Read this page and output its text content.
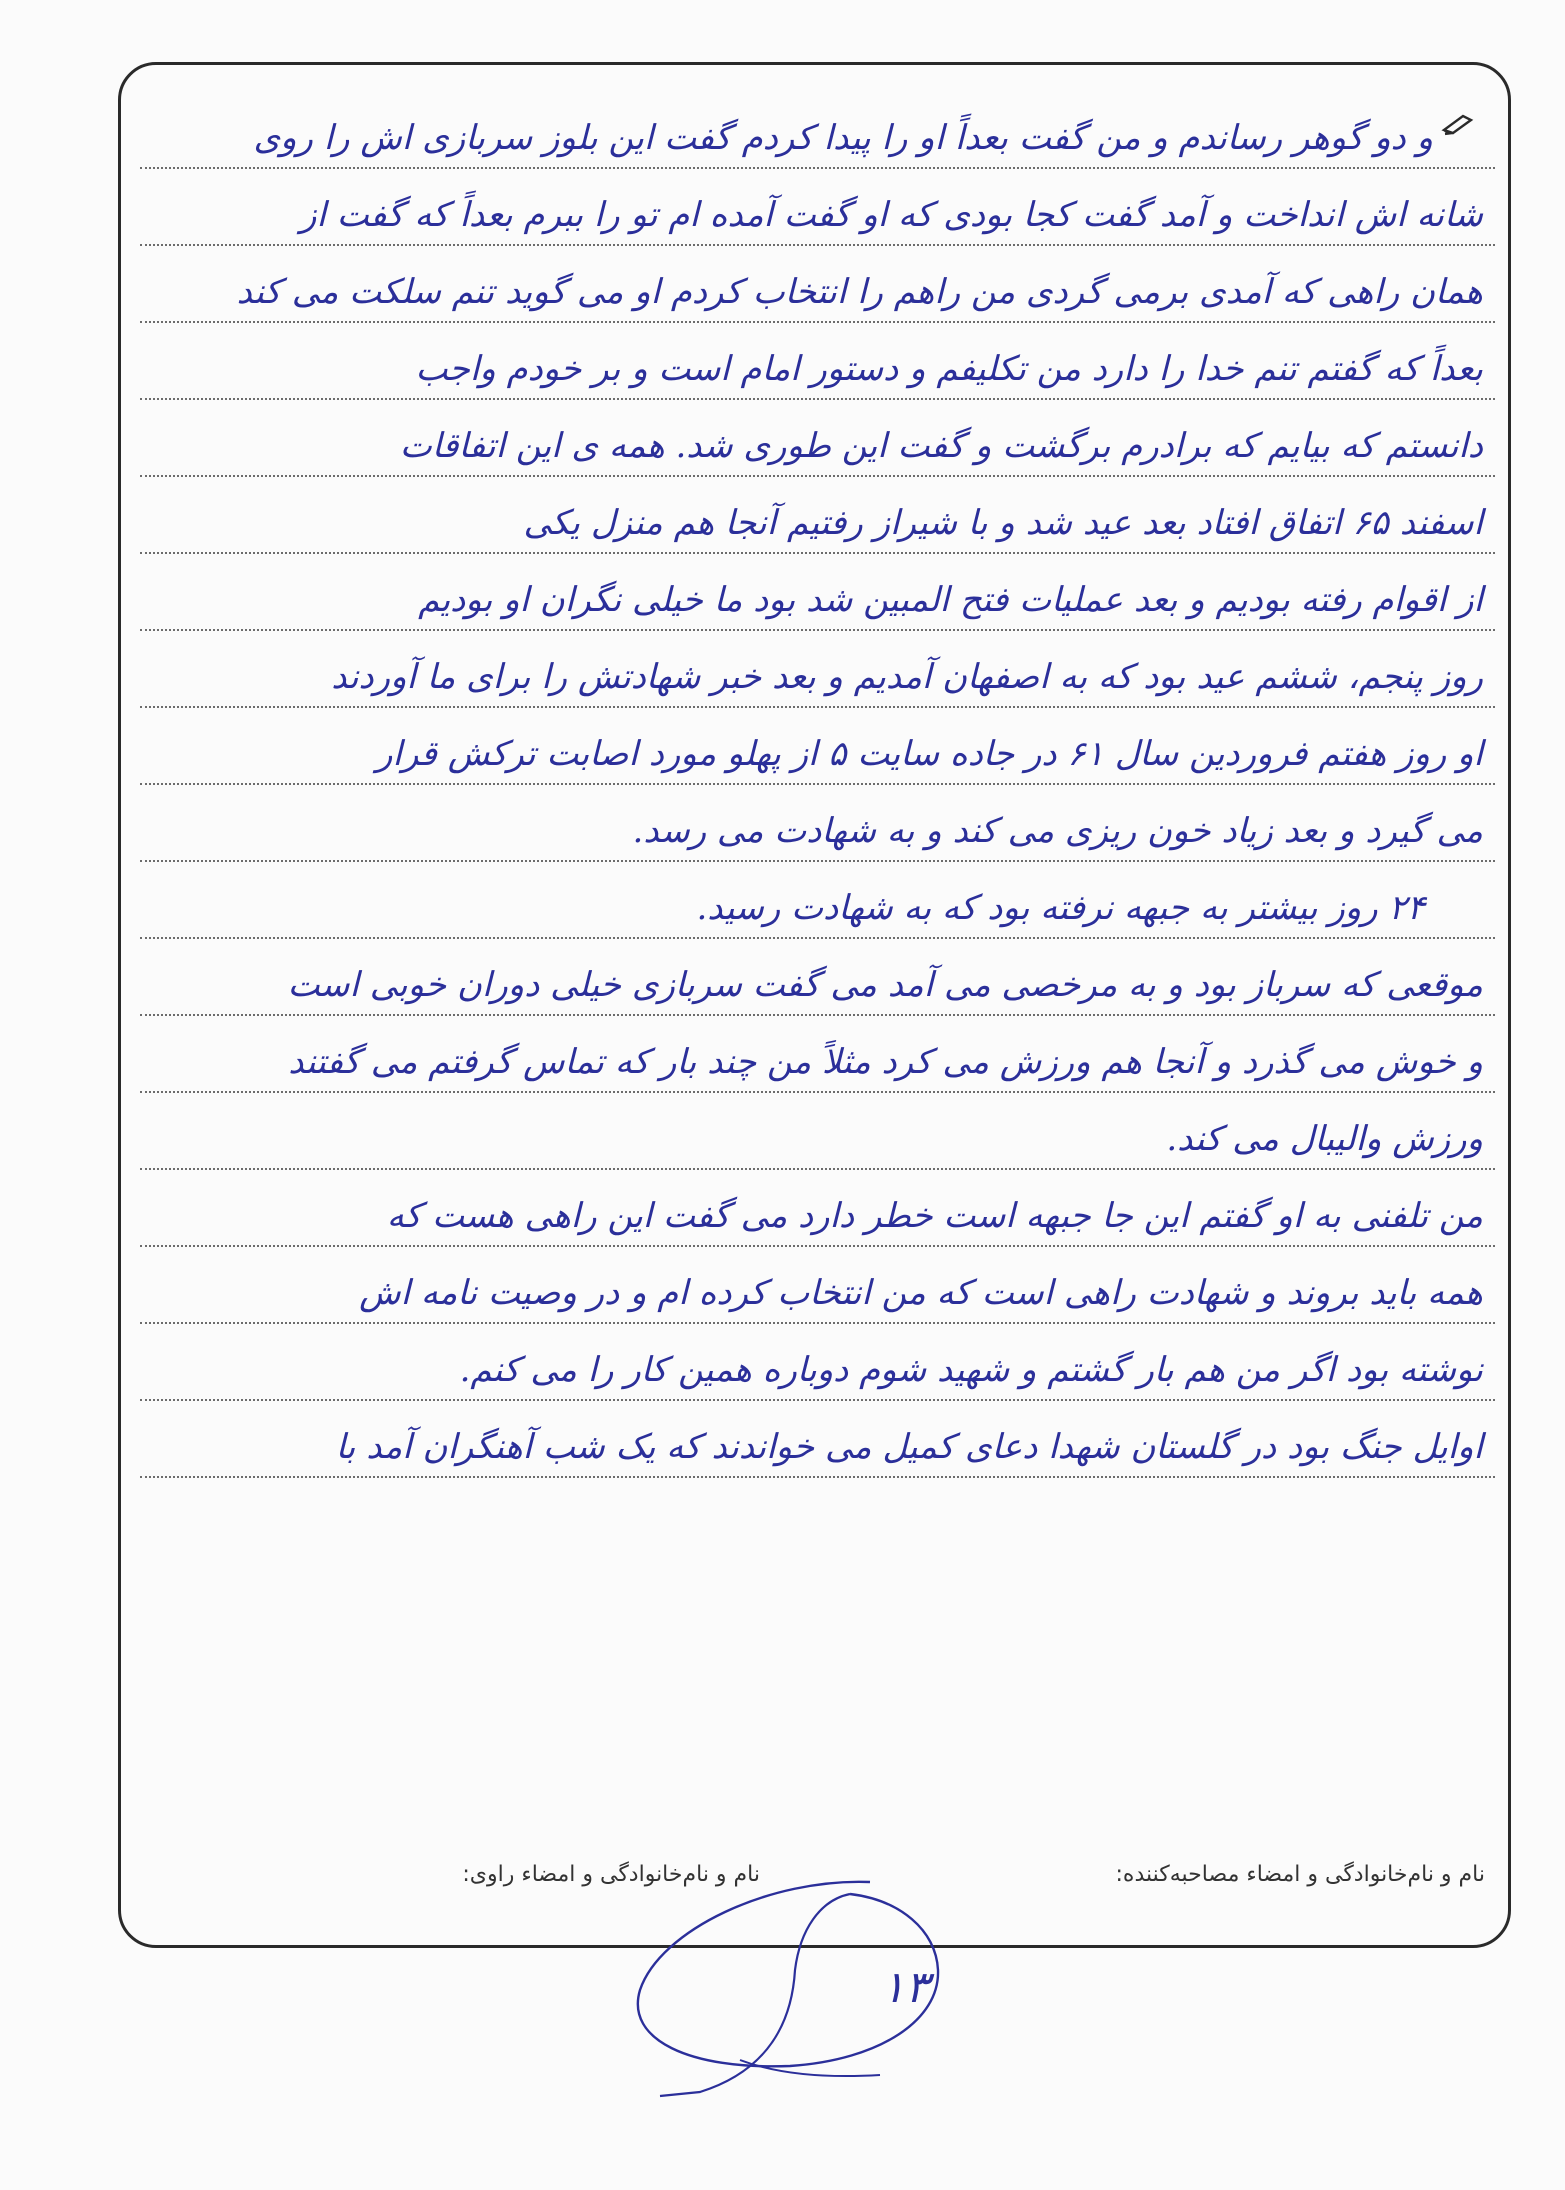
و دو گوهر رساندم و من گفت بعداً او را پیدا کردم گفت این بلوز سربازی اش را روی
شانه اش انداخت و آمد گفت کجا بودی که او گفت آمده ام تو را ببرم بعداً که گفت از
همان راهی که آمدی برمی گردی من راهم را انتخاب کردم او می گوید تنم سلکت می کند
بعداً که گفتم تنم خدا را دارد من تکلیفم و دستور امام است و بر خودم واجب
دانستم که بیایم که برادرم برگشت و گفت این طوری شد. همه ی این اتفاقات
اسفند ۶۵ اتفاق افتاد بعد عید شد و با شیراز رفتیم آنجا هم منزل یکی
از اقوام رفته بودیم و بعد عملیات فتح المبین شد بود ما خیلی نگران او بودیم
روز پنجم، ششم عید بود که به اصفهان آمدیم و بعد خبر شهادتش را برای ما آوردند
او روز هفتم فروردین سال ۶۱ در جاده سایت ۵ از پهلو مورد اصابت ترکش قرار
می گیرد و بعد زیاد خون ریزی می کند و به شهادت می رسد.
۲۴ روز بیشتر به جبهه نرفته بود که به شهادت رسید.
موقعی که سرباز بود و به مرخصی می آمد می گفت سربازی خیلی دوران خوبی است
و خوش می گذرد و آنجا هم ورزش می کرد مثلاً من چند بار که تماس گرفتم می گفتند
ورزش والیبال می کند.
من تلفنی به او گفتم این جا جبهه است خطر دارد می گفت این راهی هست که
همه باید بروند و شهادت راهی است که من انتخاب کرده ام و در وصیت نامه اش
نوشته بود اگر من هم بار گشتم و شهید شوم دوباره همین کار را می کنم.
اوایل جنگ بود در گلستان شهدا دعای کمیل می خواندند که یک شب آهنگران آمد با
نام و نام‌خانوادگی و امضاء مصاحبه‌کننده:
نام و نام‌خانوادگی و امضاء راوی:
۱۳
